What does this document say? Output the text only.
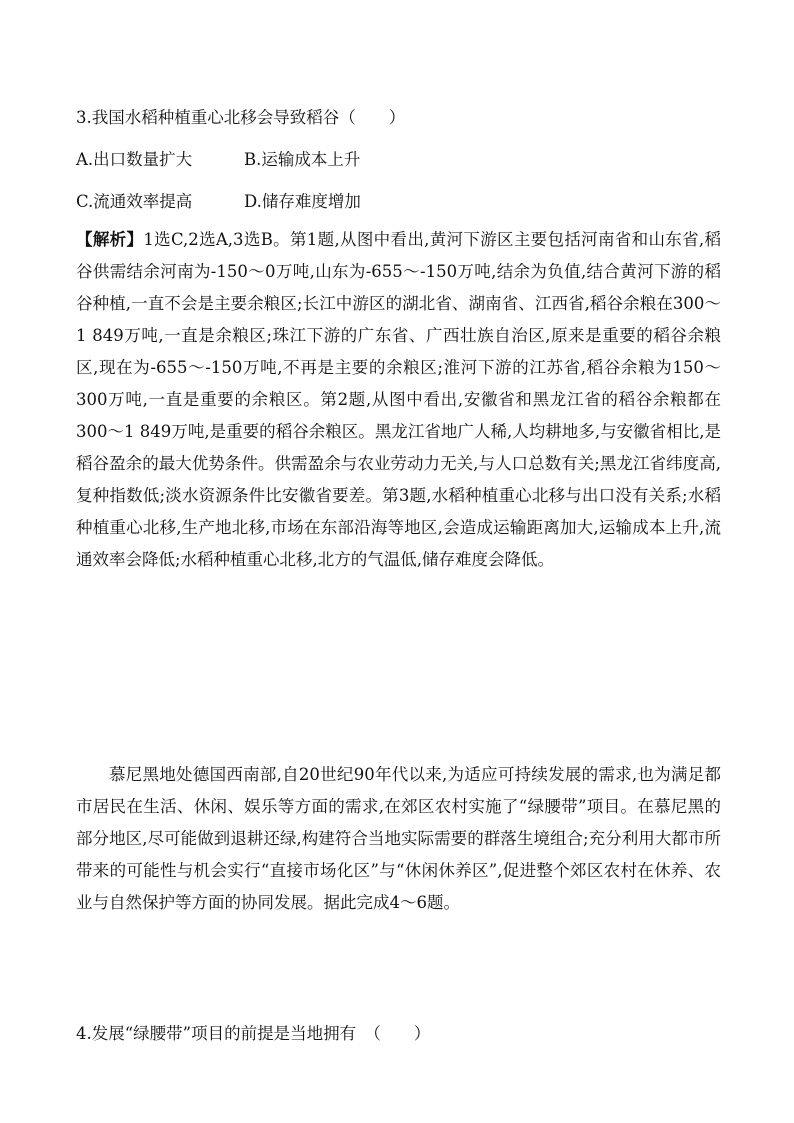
3.我国水稻种植重心北移会导致稻谷（　　）
A.出口数量扩大	B.运输成本上升
C.流通效率提高	D.储存难度增加
【解析】1选C,2选A,3选B。第1题,从图中看出,黄河下游区主要包括河南省和山东省,稻谷供需结余河南为-150～0万吨,山东为-655～-150万吨,结余为负值,结合黄河下游的稻谷种植,一直不会是主要余粮区;长江中游区的湖北省、湖南省、江西省,稻谷余粮在300～1 849万吨,一直是余粮区;珠江下游的广东省、广西壮族自治区,原来是重要的稻谷余粮区,现在为-655～-150万吨,不再是主要的余粮区;淮河下游的江苏省,稻谷余粮为150～300万吨,一直是重要的余粮区。第2题,从图中看出,安徽省和黑龙江省的稻谷余粮都在300～1 849万吨,是重要的稻谷余粮区。黑龙江省地广人稀,人均耕地多,与安徽省相比,是稻谷盈余的最大优势条件。供需盈余与农业劳动力无关,与人口总数有关;黑龙江省纬度高,复种指数低;淡水资源条件比安徽省要差。第3题,水稻种植重心北移与出口没有关系;水稻种植重心北移,生产地北移,市场在东部沿海等地区,会造成运输距离加大,运输成本上升,流通效率会降低;水稻种植重心北移,北方的气温低,储存难度会降低。
慕尼黑地处德国西南部,自20世纪90年代以来,为适应可持续发展的需求,也为满足都市居民在生活、休闲、娱乐等方面的需求,在郊区农村实施了“绿腰带”项目。在慕尼黑的部分地区,尽可能做到退耕还绿,构建符合当地实际需要的群落生境组合;充分利用大都市所带来的可能性与机会实行“直接市场化区”与“休闲休养区”,促进整个郊区农村在休养、农业与自然保护等方面的协同发展。据此完成4～6题。
4.发展“绿腰带”项目的前提是当地拥有　（　　）
